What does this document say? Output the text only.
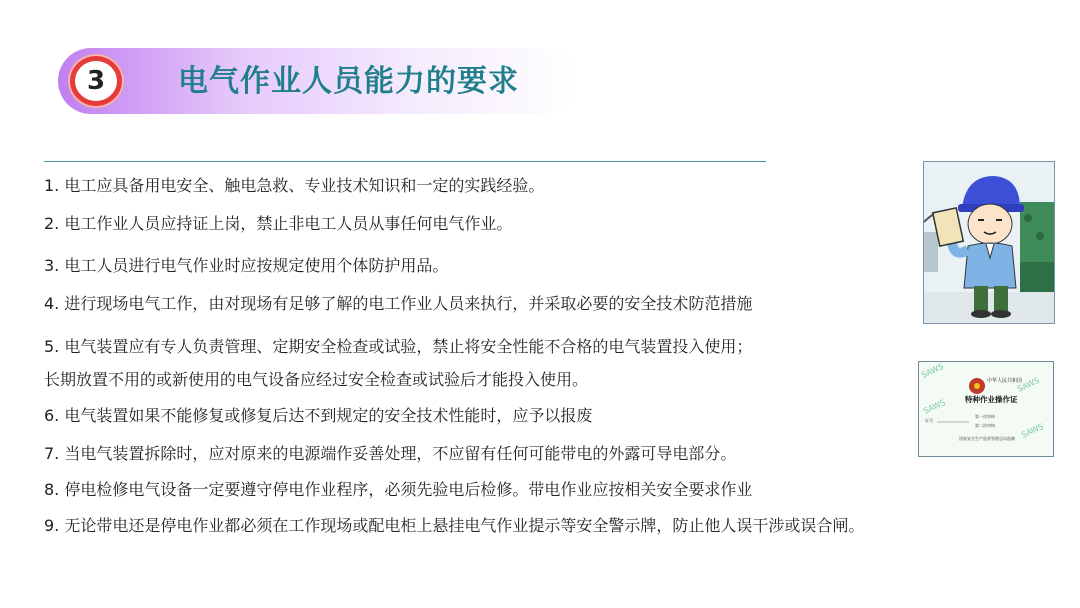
3	电气作业人员能力的要求
1. 电工应具备用电安全、触电急救、专业技术知识和一定的实践经验。
2. 电工作业人员应持证上岗，禁止非电工人员从事任何电气作业。
3. 电工人员进行电气作业时应按规定使用个体防护用品。
4. 进行现场电气工作，由对现场有足够了解的电工作业人员来执行，并采取必要的安全技术防范措施
5. 电气装置应有专人负责管理、定期安全检查或试验，禁止将安全性能不合格的电气装置投入使用；
长期放置不用的或新使用的电气设备应经过安全检查或试验后才能投入使用。
6. 电气装置如果不能修复或修复后达不到规定的安全技术性能时，应予以报废
7. 当电气装置拆除时，应对原来的电源端作妥善处理，不应留有任何可能带电的外露可导电部分。
8. 停电检修电气设备一定要遵守停电作业程序，必须先验电后检修。带电作业应按相关安全要求作业
9. 无论带电还是停电作业都必须在工作现场或配电柜上悬挂电气作业提示等安全警示牌，防止他人误干涉或误合闸。
SAWS
SAWS
SAWS
SAWS
中华人民共和国
特种作业操作证
证号
第一次审核
第二次审核
国家安全生产监督管理总局监制
